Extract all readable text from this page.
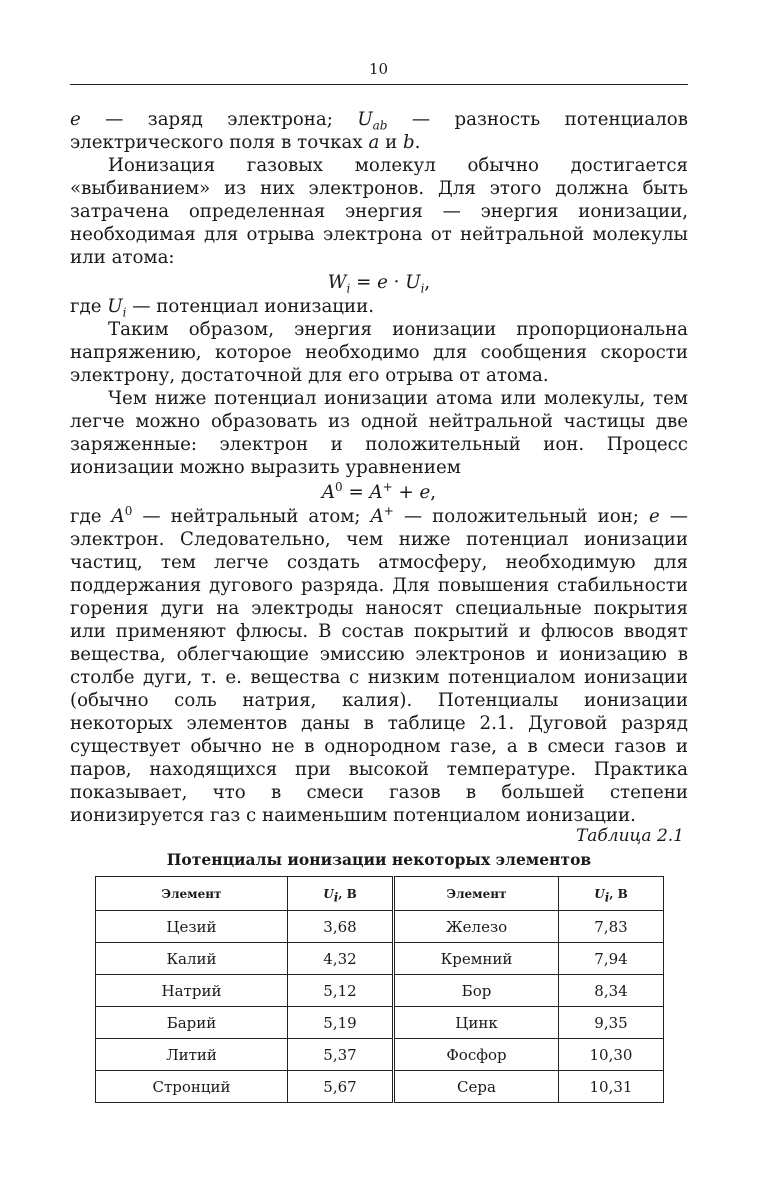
10

e — заряд электрона; $U_{ab}$ — разность потенциалов электрического поля в точках a и b.

Ионизация газовых молекул обычно достигается «выбиванием» из них электронов. Для этого должна быть затрачена определенная энергия — энергия ионизации, необходимая для отрыва электрона от нейтральной молекулы или атома:

$W_i = e \cdot U_i$,

где $U_i$ — потенциал ионизации.

Таким образом, энергия ионизации пропорциональна напряжению, которое необходимо для сообщения скорости электрону, достаточной для его отрыва от атома.

Чем ниже потенциал ионизации атома или молекулы, тем легче можно образовать из одной нейтральной частицы две заряженные: электрон и положительный ион. Процесс ионизации можно выразить уравнением

$A^0 = A^+ + e$,

где $A^0$ — нейтральный атом; A+ — положительный ион; e — электрон. Следовательно, чем ниже потенциал ионизации частиц, тем легче создать атмосферу, необходимую для поддержания дугового разряда. Для повышения стабильности горения дуги на электроды наносят специальные покрытия или применяют флюсы. В состав покрытий и флюсов вводят вещества, облегчающие эмиссию электронов и ионизацию в столбе дуги, т. е. вещества с низким потенциалом ионизации (обычно соль натрия, калия). Потенциалы ионизации некоторых элементов даны в таблице 2.1. Дуговой разряд существует обычно не в однородном газе, а в смеси газов и паров, находящихся при высокой температуре. Практика показывает, что в смеси газов в большей степени ионизируется газ с наименьшим потенциалом ионизации.

Таблица 2.1
Потенциалы ионизации некоторых элементов
Элемент	$U_i$, В	Элемент	$U_i$, В
Цезий	3,68	Железо	7,83
Калий	4,32	Кремний	7,94
Натрий	5,12	Бор	8,34
Барий	5,19	Цинк	9,35
Литий	5,37	Фосфор	10,30
Стронций	5,67	Сера	10,31
